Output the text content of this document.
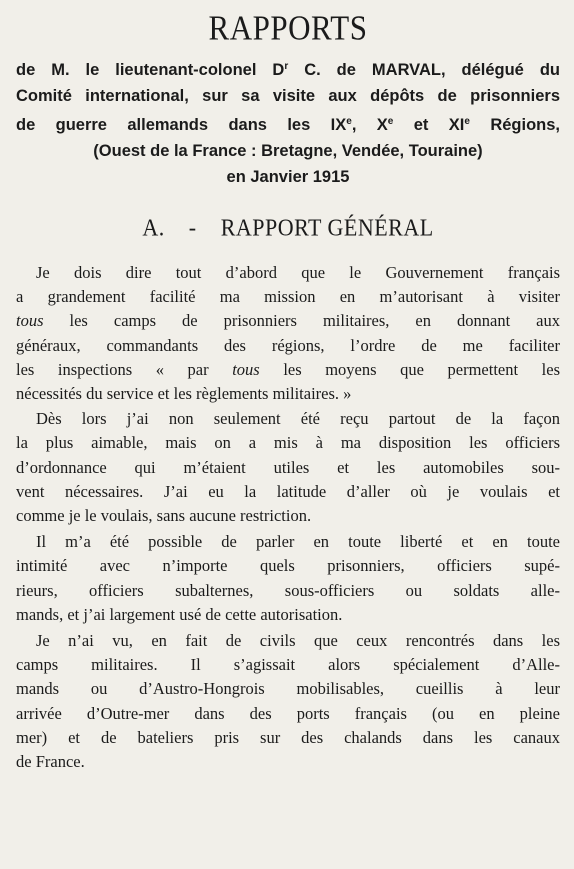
RAPPORTS
de M. le lieutenant-colonel $D^r$ C. de MARVAL, délégué du
Comité international, sur sa visite aux dépôts de prisonniers
de guerre allemands dans les IXe, Xe et XIe Régions,
(Ouest de la France : Bretagne, Vendée, Touraine)
en Janvier 1915
A. - RAPPORT GÉNÉRAL

Je dois dire tout d’abord que le Gouvernement français
a grandement facilité ma mission en m’autorisant à visiter
tous les camps de prisonniers militaires, en donnant aux
généraux, commandants des régions, l’ordre de me faciliter
les inspections « par tous les moyens que permettent les
nécessités du service et les règlements militaires. »

Dès lors j’ai non seulement été reçu partout de la façon
la plus aimable, mais on a mis à ma disposition les officiers
d’ordonnance qui m’étaient utiles et les automobiles sou-
vent nécessaires. J’ai eu la latitude d’aller où je voulais et
comme je le voulais, sans aucune restriction.

Il m’a été possible de parler en toute liberté et en toute
intimité avec n’importe quels prisonniers, officiers supé-
rieurs, officiers subalternes, sous-officiers ou soldats alle-
mands, et j’ai largement usé de cette autorisation.

Je n’ai vu, en fait de civils que ceux rencontrés dans les
camps militaires. Il s’agissait alors spécialement d’Alle-
mands ou d’Austro-Hongrois mobilisables, cueillis à leur
arrivée d’Outre-mer dans des ports français (ou en pleine
mer) et de bateliers pris sur des chalands dans les canaux
de France.
